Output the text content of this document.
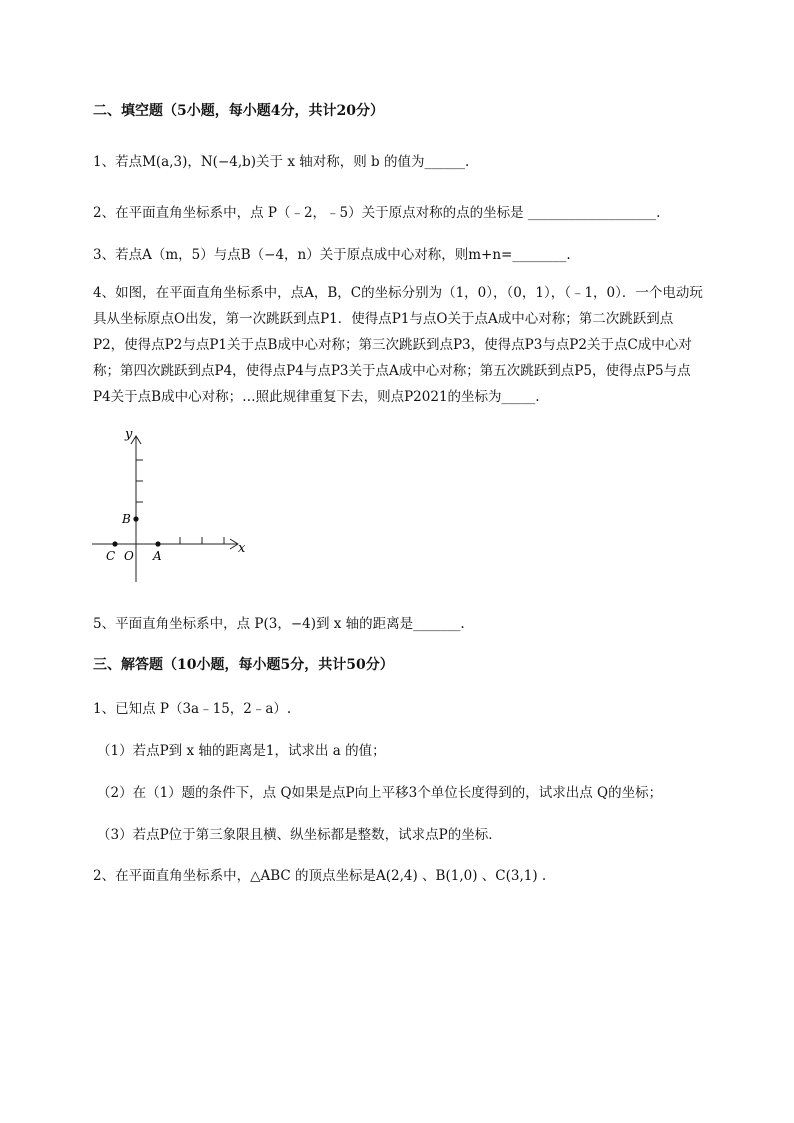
二、填空题（5小题，每小题4分，共计20分）
1、若点M(a,3)，N(−4,b)关于 x 轴对称，则 b 的值为______.
2、在平面直角坐标系中，点 P（﹣2，﹣5）关于原点对称的点的坐标是 ___________________.
3、若点A（m，5）与点B（−4，n）关于原点成中心对称，则m+n=________.
4、如图，在平面直角坐标系中，点A，B，C的坐标分别为（1，0），（0，1），（﹣1，0）．一个电动玩
具从坐标原点O出发，第一次跳跃到点P1．使得点P1与点O关于点A成中心对称；第二次跳跃到点
P2，使得点P2与点P1关于点B成中心对称；第三次跳跃到点P3，使得点P3与点P2关于点C成中心对
称；第四次跳跃到点P4，使得点P4与点P3关于点A成中心对称；第五次跳跃到点P5，使得点P5与点
P4关于点B成中心对称；…照此规律重复下去，则点P2021的坐标为_____.
y
x
B
C O A
5、平面直角坐标系中，点 P(3，−4)到 x 轴的距离是_______.
三、解答题（10小题，每小题5分，共计50分）
1、已知点 P（3a﹣15，2﹣a）.
（1）若点P到 x 轴的距离是1，试求出 a 的值；
（2）在（1）题的条件下，点 Q如果是点P向上平移3个单位长度得到的，试求出点 Q的坐标；
（3）若点P位于第三象限且横、纵坐标都是整数，试求点P的坐标．
2、在平面直角坐标系中，△ABC 的顶点坐标是A(2,4) 、B(1,0) 、C(3,1) .
